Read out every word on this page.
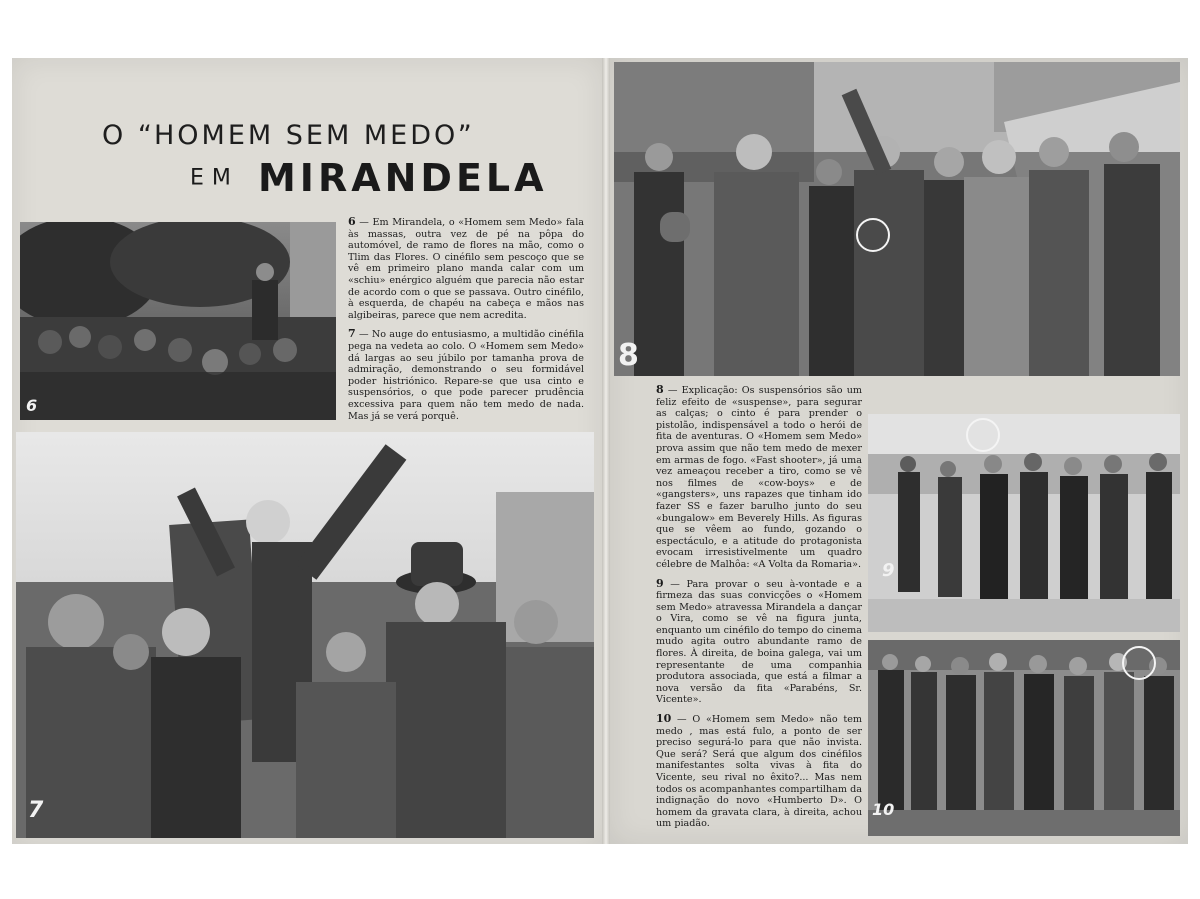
O “HOMEM SEM MEDO”
EM MIRANDELA
6

6 — Em Mirandela, o «Homem sem Medo» fala às massas, outra vez de pé na pôpa do automóvel, de ramo de flores na mão, como o Tlim das Flores. O cinéfilo sem pescoço que se vê em primeiro plano manda calar com um «schiu» enérgico alguém que parecia não estar de acordo com o que se passava. Outro cinéfilo, à esquerda, de chapéu na cabeça e mãos nas algibeiras, parece que nem acredita.

7 — No auge do entusiasmo, a multidão cinéfila pega na vedeta ao colo. O «Homem sem Medo» dá largas ao seu júbilo por tamanha prova de admiração, demonstrando o seu formidável poder histriónico. Repare-se que usa cinto e suspensórios, o que pode parecer prudência excessiva para quem não tem medo de nada. Mas já se verá porquê.

7
8

8 — Explicação: Os suspensórios são um feliz efeito de «suspense», para segurar as calças; o cinto é para prender o pistolão, indispensável a todo o herói de fita de aventuras. O «Homem sem Medo» prova assim que não tem medo de mexer em armas de fogo. «Fast shooter», já uma vez ameaçou receber a tiro, como se vê nos filmes de «cow-boys» e de «gangsters», uns rapazes que tinham ido fazer SS e fazer barulho junto do seu «bungalow» em Beverely Hills. As figuras que se vêem ao fundo, gozando o espectáculo, e a atitude do protagonista evocam irresistivelmente um quadro célebre de Malhôa: «A Volta da Romaria».

9 — Para provar o seu à-vontade e a firmeza das suas convicções o «Homem sem Medo» atravessa Mirandela a dançar o Vira, como se vê na figura junta, enquanto um cinéfilo do tempo do cinema mudo agita outro abundante ramo de flores. À direita, de boina galega, vai um representante de uma companhia produtora associada, que está a filmar a nova versão da fita «Parabéns, Sr. Vicente».

10 — O «Homem sem Medo» não tem medo , mas está fulo, a ponto de ser preciso segurá-lo para que não invista. Que será? Será que algum dos cinéfilos manifestantes solta vivas à fita do Vicente, seu rival no êxito?... Mas nem todos os acompanhantes compartilham da indignação do novo «Humberto D». O homem da gravata clara, à direita, achou um piadão.

9
10
